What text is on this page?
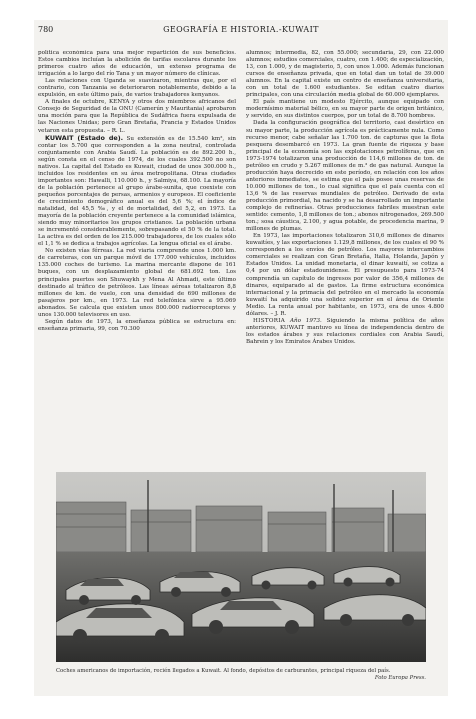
780	GEOGRAFÍA E HISTORIA.-KUWAIT

política económica para una mejor repartición de sus beneficios. Estos cambios incluían la abolición de tarifas escolares durante los primeros cuatro años de educación, un extenso programa de irrigación a lo largo del río Tana y un mayor número de clínicas.

Las relaciones con Uganda se suavizaron, mientras que, por el contrario, con Tanzania se deterioraron notablemente, debido a la expulsión, en este último país, de varios trabajadores kenyanos.

A finales de octubre, KENYA y otros dos miembros africanos del Consejo de Seguridad de la ONU (Camerún y Mauritania) aprobaron una moción para que la República de Sudáfrica fuera expulsada de las Naciones Unidas; pero Gran Bretaña, Francia y Estados Unidos vetaron esta propuesta. – R. L.

KUWAIT (Estado de). Su extensión es de 15.540 km², sin contar los 5.700 que corresponden a la zona neutral, controlada conjuntamente con Arabia Saudí. La población es de 892.200 h., según consta en el censo de 1974, de los cuales 392.500 no son nativos. La capital del Estado es Kuwait, ciudad de unos 300.000 h., incluidos los residentes en su área metropolitana. Otras ciudades importantes son: Hawalli, 110.000 h., y Salmiya, 68.100. La mayoría de la población pertenece al grupo árabe-sunita, que coexiste con pequeños porcentajes de persas, armenios y europeos. El coeficiente de crecimiento demográfico anual es del 5,6 %; el índice de natalidad, del 45,5 ‰, y el de mortalidad, del 5,2, en 1973. La mayoría de la población creyente pertenece a la comunidad islámica, siendo muy minoritarios los grupos cristianos. La población urbana se incrementó considerablemente, sobrepasando el 50 % de la total. La activa es del orden de los 215.000 trabajadores, de los cuales sólo el 1,1 % se dedica a trabajos agrícolas. La lengua oficial es el árabe.

No existen vías férreas. La red viaria comprende unos 1.000 km. de carreteras, con un parque móvil de 177.000 vehículos, incluidos 135.000 coches de turismo. La marina mercante dispone de 161 buques, con un desplazamiento global de 681.692 ton. Los principales puertos son Shuwaykh y Mena Al Ahmadi, este último destinado al tráfico de petróleos. Las líneas aéreas totalizaron 8,8 millones de km. de vuelo, con una densidad de 690 millones de pasajeros por km., en 1973. La red telefónica sirve a 95.069 abonados. Se calcula que existen unos 800.000 radiorreceptores y unos 130.000 televisores en uso.

Según datos de 1973, la enseñanza pública se estructura en: enseñanza primaria, 99, con 70.300

alumnos; intermedia, 82, con 55.000; secundaria, 29, con 22.000 alumnos; estudios comerciales, cuatro, con 1.400; de especialización, 13, con 1.000, y de magisterio, 5, con unos 1.000. Además funcionan cursos de enseñanza privada, que en total dan un total de 39.000 alumnos. En la capital existe un centro de enseñanza universitaria, con un total de 1.600 estudiantes. Se editan cuatro diarios principales, con una circulación media global de 60.000 ejemplares.

El país mantiene un modesto Ejército, aunque equipado con modernísimo material bélico, en su mayor parte de origen británico, y servido, en sus distintos cuerpos, por un total de 8.700 hombres.

Dada la configuración geográfica del territorio, casi desértico en su mayor parte, la producción agrícola es prácticamente nula. Como recurso menor, cabe señalar las 1.700 ton. de capturas que la flota pesquera desembarcó en 1973. La gran fuente de riqueza y base principal de la economía son las explotaciones petrolíferas, que en 1973-1974 totalizaron una producción de 114,6 millones de ton. de petróleo en crudo y 5.267 millones de m.³ de gas natural. Aunque la producción haya decrecido en este período, en relación con los años anteriores inmediatos, se estima que el país posee unas reservas de 10.000 millones de ton., lo cual significa que el país cuenta con el 13,6 % de las reservas mundiales de petróleo. Derivado de esta producción primordial, ha nacido y se ha desarrollado un importante complejo de refinerías. Otras producciones fabriles muestran este sentido: cemento, 1,8 millones de ton.; abonos nitrogenados, 269.500 ton.; sosa cáustica, 2.100, y agua potable, de procedencia marina, 9 millones de plumas.

En 1973, las importaciones totalizaron 310,6 millones de dinares kuwaitíes, y las exportaciones 1.129,8 millones, de los cuales el 90 % corresponden a los envíos de petróleo. Los mayores intercambios comerciales se realizan con Gran Bretaña, Italia, Holanda, Japón y Estados Unidos. La unidad monetaria, el dinar kuwaití, se cotiza a 0,4 por un dólar estadounidense. El presupuesto para 1973-74 comprendía un capítulo de ingresos por valor de 356,4 millones de dinares, equiparado al de gastos. La firme estructura económica internacional y la primacía del petróleo en el mercado la economía kuwaití ha adquirido una solidez superior en el área de Oriente Medio. La renta anual por habitante, en 1973, era de unos 4.800 dólares. – J. R.

HISTORIA Año 1973. Siguiendo la misma política de años anteriores, KUWAIT mantuvo su línea de independencia dentro de los estados árabes y sus relaciones cordiales con Arabia Saudí, Bahrein y los Emiratos Árabes Unidos.

Coches americanos de importación, recién llegados a Kuwait. Al fondo, depósitos de carburantes, principal riqueza del país.
Foto Europa Press.
